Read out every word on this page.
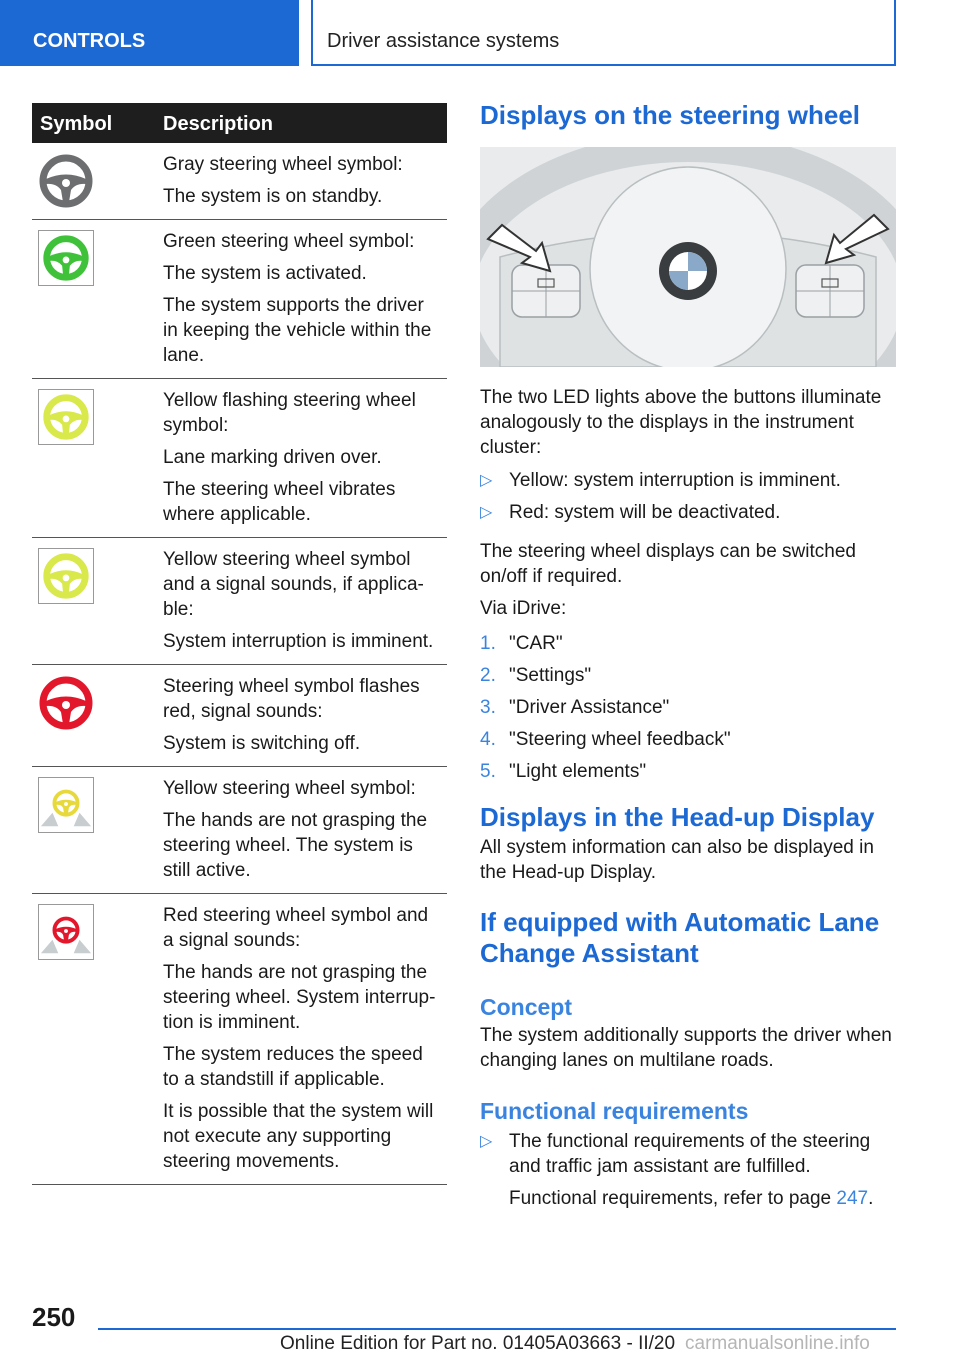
CONTROLS	Driver assistance systems
Symbol	Description

Gray steering wheel symbol:

The system is on standby.

Green steering wheel symbol:

The system is activated.

The system supports the driver in keeping the vehicle within the lane.

Yellow flashing steering wheel symbol:

Lane marking driven over.

The steering wheel vibrates where applicable.

Yellow steering wheel symbol and a signal sounds, if applica-ble:

System interruption is imminent.

Steering wheel symbol flashes red, signal sounds:

System is switching off.

Yellow steering wheel symbol:

The hands are not grasping the steering wheel. The system is still active.

Red steering wheel symbol and a signal sounds:

The hands are not grasping the steering wheel. System interrup-tion is imminent.

The system reduces the speed to a standstill if applicable.

It is possible that the system will not execute any supporting steering movements.

Displays on the steering wheel

The two LED lights above the buttons illuminate analogously to the displays in the instrument cluster:

▷ Yellow: system interruption is imminent.
▷ Red: system will be deactivated.

The steering wheel displays can be switched on/off if required.

Via iDrive:

1. "CAR"
2. "Settings"
3. "Driver Assistance"
4. "Steering wheel feedback"
5. "Light elements"
Displays in the Head-up Display

All system information can also be displayed in the Head-up Display.

If equipped with Automatic Lane Change Assistant
Concept

The system additionally supports the driver when changing lanes on multilane roads.

Functional requirements
▷ The functional requirements of the steering and traffic jam assistant are fulfilled.
Functional requirements, refer to page 247.
250
Online Edition for Part no. 01405A03663 - II/20 carmanualsonline.info
